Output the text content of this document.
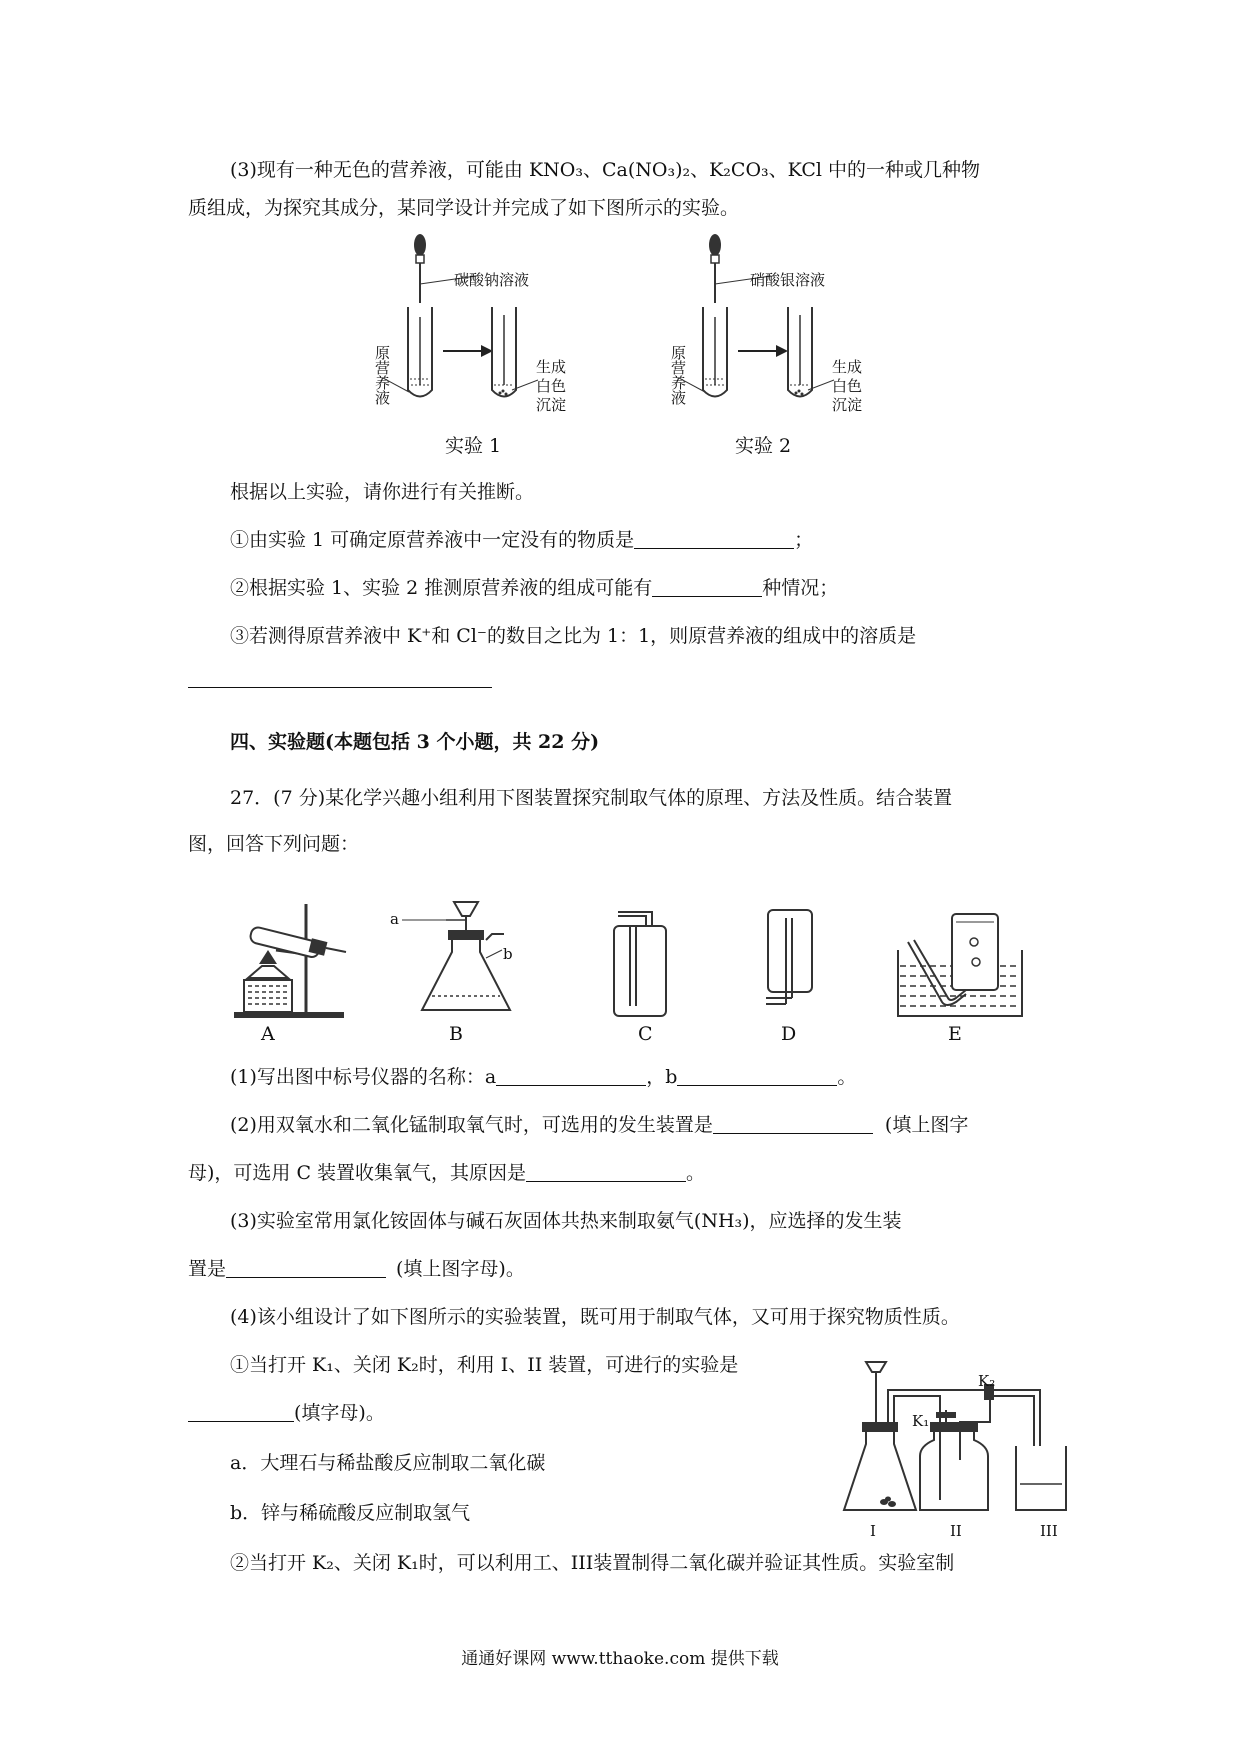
(3)现有一种无色的营养液，可能由 KNO₃、Ca(NO₃)₂、K₂CO₃、KCl 中的一种或几种物
质组成，为探究其成分，某同学设计并完成了如下图所示的实验。
碳酸钠溶液
原营养液	生成
白色
沉淀
实验 1
硝酸银溶液
原营养液	生成
白色
沉淀
实验 2
根据以上实验，请你进行有关推断。
①由实验 1 可确定原营养液中一定没有的物质是	；
②根据实验 1、实验 2 推测原营养液的组成可能有	种情况；
③若测得原营养液中 K⁺和 Cl⁻的数目之比为 1：1，则原营养液的组成中的溶质是
四、实验题(本题包括 3 个小题，共 22 分)
27．(7 分)某化学兴趣小组利用下图装置探究制取气体的原理、方法及性质。结合装置
图，回答下列问题：
A
a
b
B	C	D	E
(1)写出图中标号仪器的名称：a	，b	。
(2)用双氧水和二氧化锰制取氧气时，可选用的发生装置是	(填上图字
母)，可选用 C 装置收集氧气，其原因是	。
(3)实验室常用氯化铵固体与碱石灰固体共热来制取氨气(NH₃)，应选择的发生装
置是	(填上图字母)。
(4)该小组设计了如下图所示的实验装置，既可用于制取气体，又可用于探究物质性质。
①当打开 K₁、关闭 K₂时，利用 I、II 装置，可进行的实验是
(填字母)。
a．大理石与稀盐酸反应制取二氧化碳
b．锌与稀硫酸反应制取氢气
②当打开 K₂、关闭 K₁时，可以利用工、III装置制得二氧化碳并验证其性质。实验室制
K₂
K₁
I	II	III
通通好课网 www.tthaoke.com 提供下载
